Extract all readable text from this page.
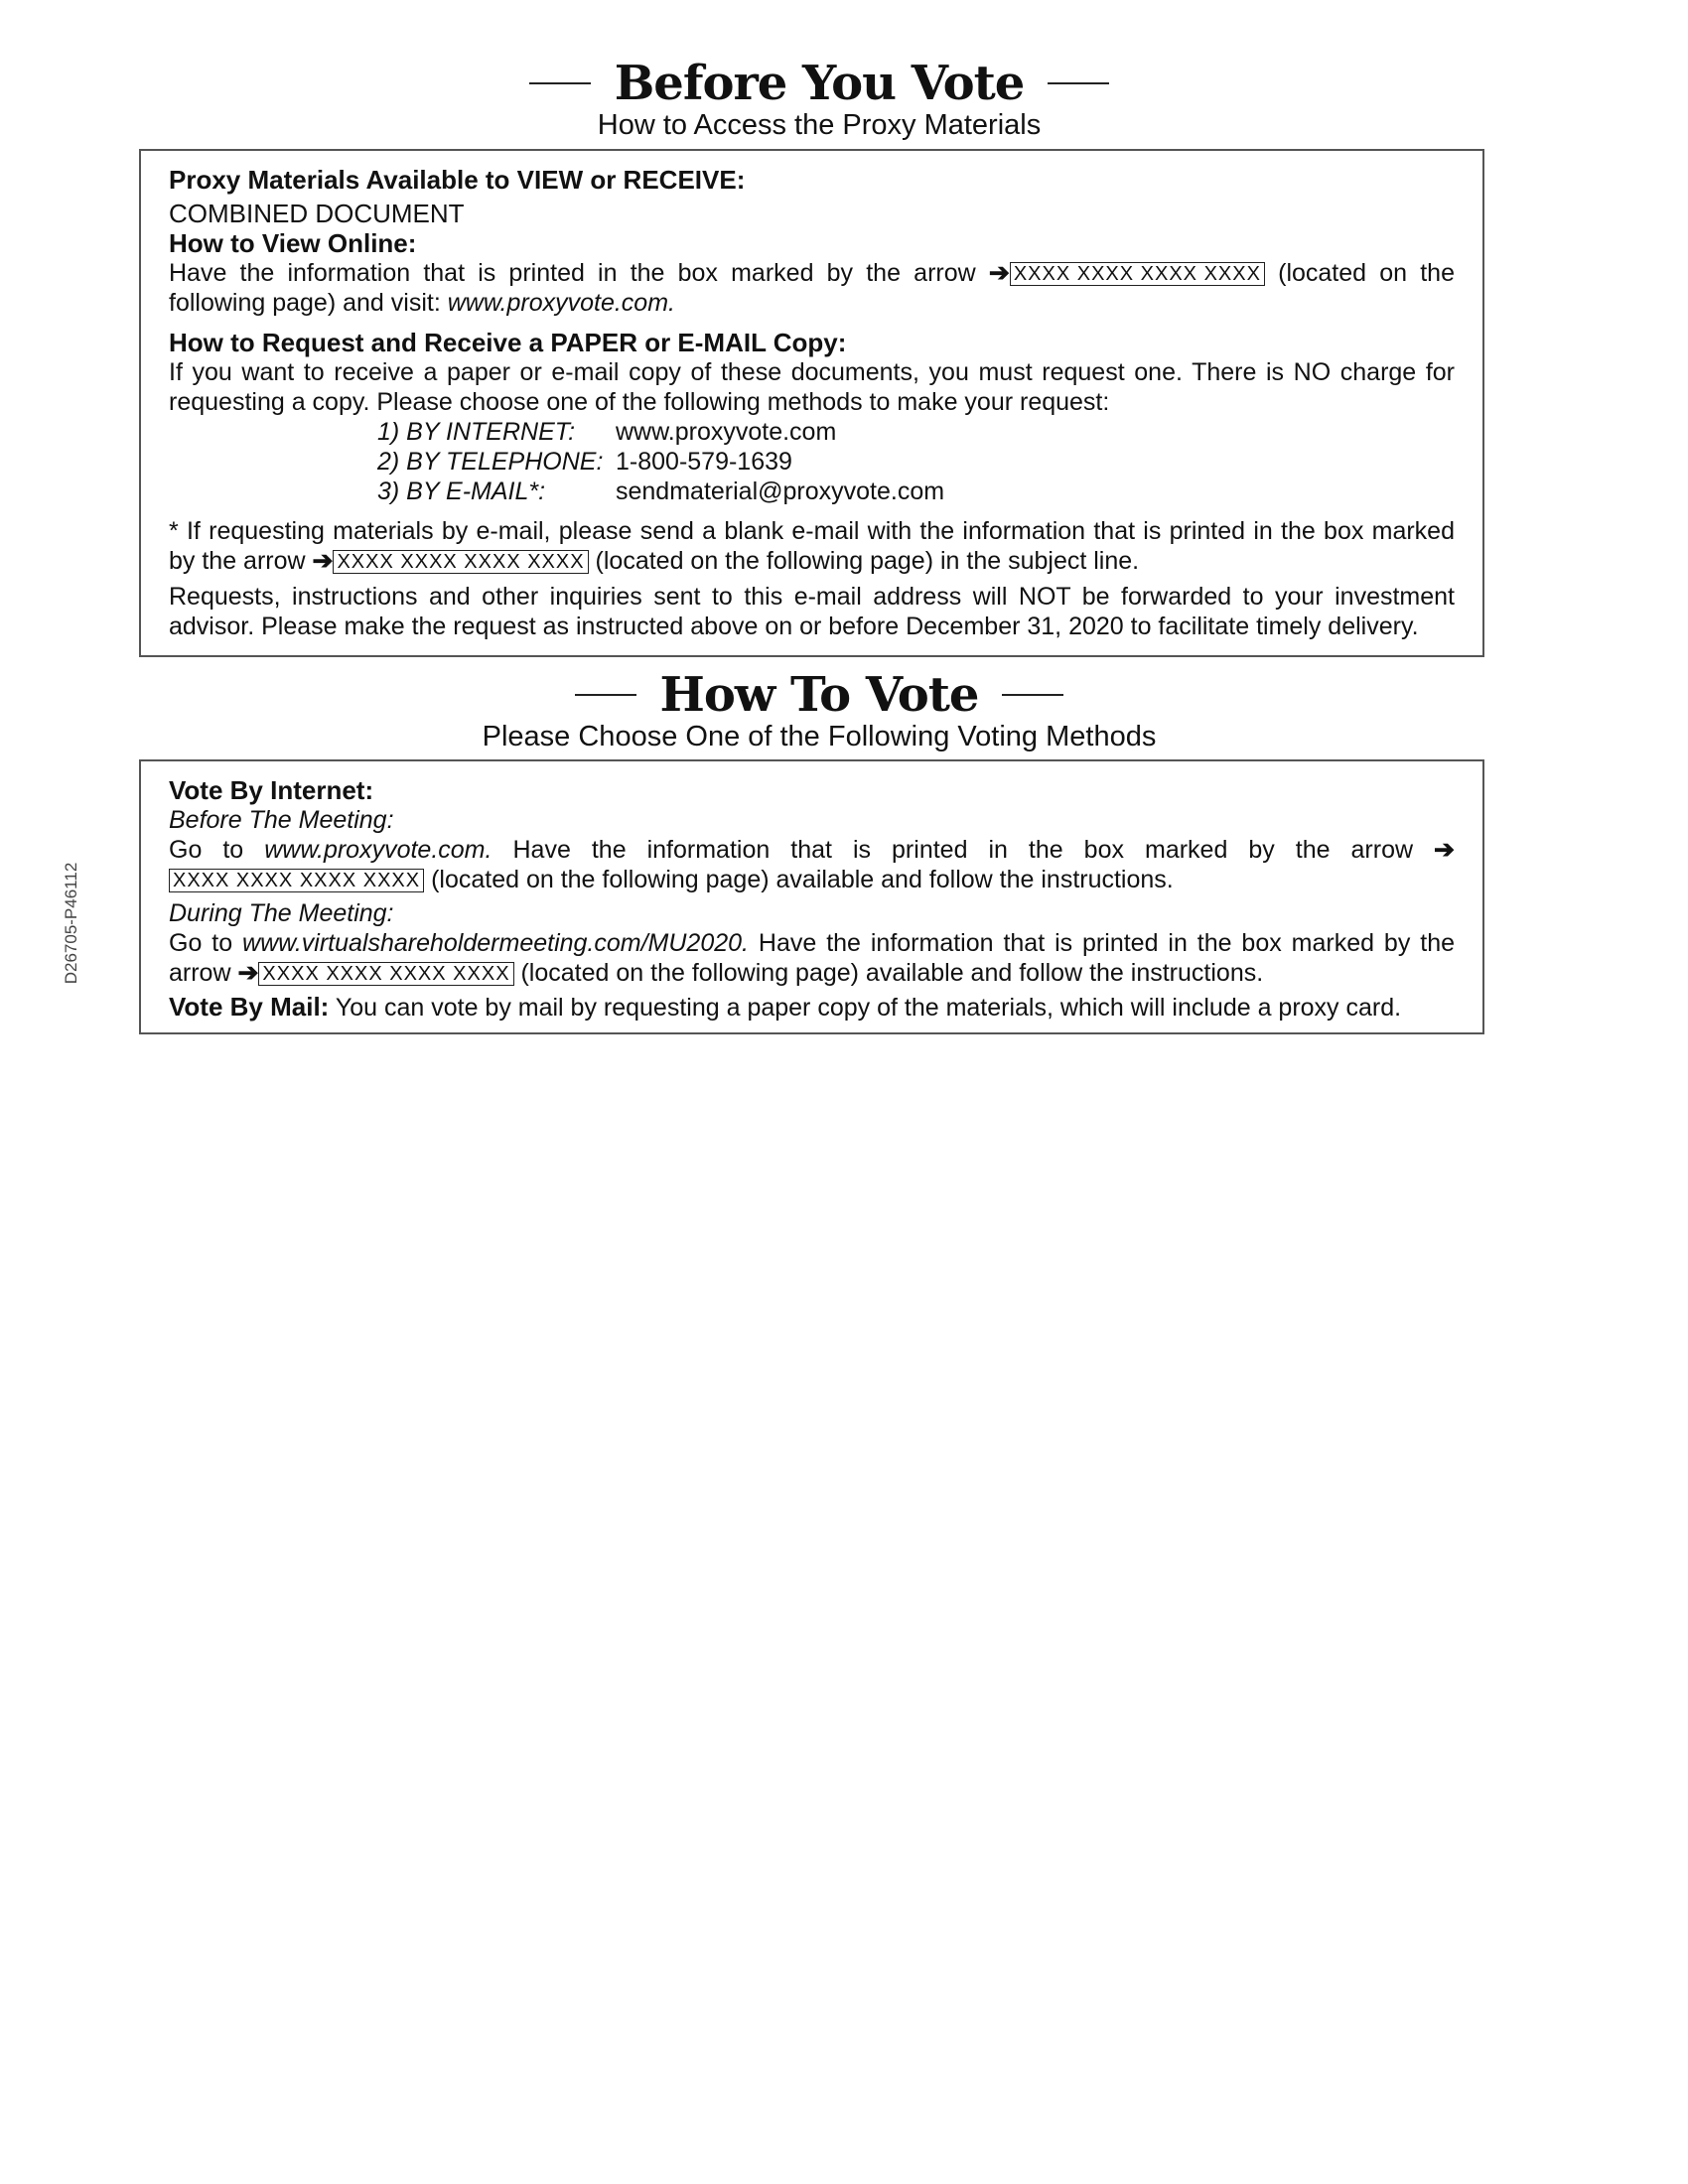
Before You Vote
How to Access the Proxy Materials

Proxy Materials Available to VIEW or RECEIVE:

COMBINED DOCUMENT

How to View Online:

Have the information that is printed in the box marked by the arrow ➔ XXXX XXXX XXXX XXXX (located on the following page) and visit: www.proxyvote.com.

How to Request and Receive a PAPER or E-MAIL Copy:

If you want to receive a paper or e-mail copy of these documents, you must request one. There is NO charge for requesting a copy. Please choose one of the following methods to make your request:

1) BY INTERNET:	www.proxyvote.com
2) BY TELEPHONE: 1-800-579-1639
3) BY E-MAIL*:	sendmaterial@proxyvote.com

* If requesting materials by e-mail, please send a blank e-mail with the information that is printed in the box marked by the arrow ➔ XXXX XXXX XXXX XXXX (located on the following page) in the subject line.

Requests, instructions and other inquiries sent to this e-mail address will NOT be forwarded to your investment advisor. Please make the request as instructed above on or before December 31, 2020 to facilitate timely delivery.

How To Vote
Please Choose One of the Following Voting Methods

Vote By Internet:

Before The Meeting:

Go to www.proxyvote.com. Have the information that is printed in the box marked by the arrow ➔XXXX XXXX XXXX XXXX (located on the following page) available and follow the instructions.

During The Meeting:

Go to www.virtualshareholdermeeting.com/MU2020. Have the information that is printed in the box marked by the arrow ➔ XXXX XXXX XXXX XXXX (located on the following page) available and follow the instructions.

Vote By Mail: You can vote by mail by requesting a paper copy of the materials, which will include a proxy card.

D26705-P46112
